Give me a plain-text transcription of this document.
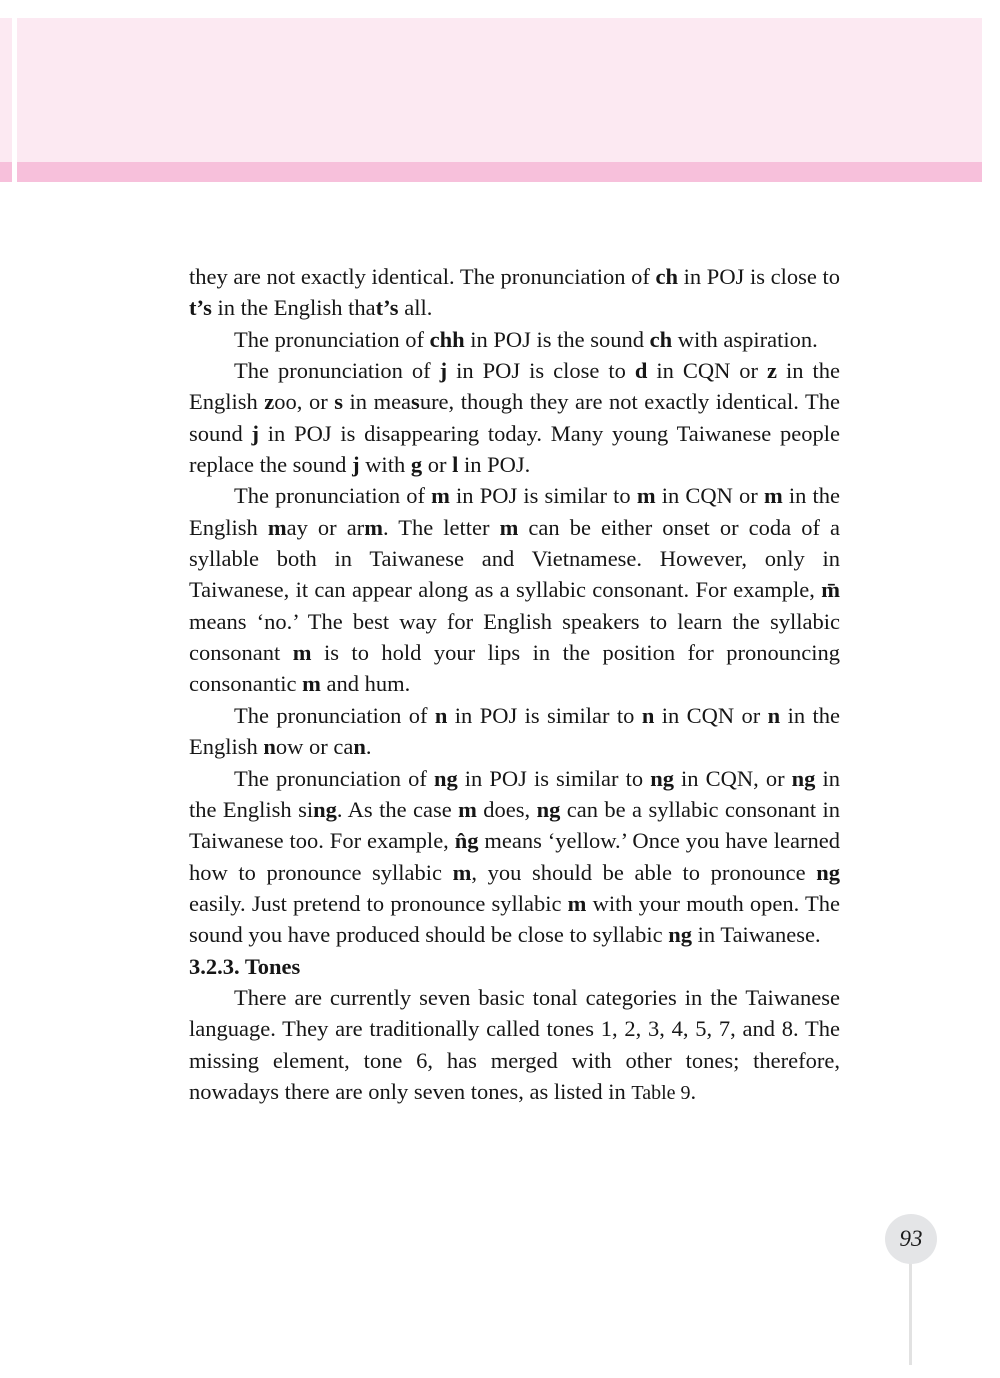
they are not exactly identical. The pronunciation of ch in POJ is close to t’s in the English that’s all.
The pronunciation of chh in POJ is the sound ch with aspiration.
The pronunciation of j in POJ is close to d in CQN or z in the English zoo, or s in measure, though they are not exactly identical. The sound j in POJ is disappearing today. Many young Taiwanese people replace the sound j with g or l in POJ.
The pronunciation of m in POJ is similar to m in CQN or m in the English may or arm. The letter m can be either onset or coda of a syllable both in Taiwanese and Vietnamese. However, only in Taiwanese, it can appear along as a syllabic consonant. For example, m̄ means ‘no.’ The best way for English speakers to learn the syllabic consonant m is to hold your lips in the position for pronouncing consonantic m and hum.
The pronunciation of n in POJ is similar to n in CQN or n in the English now or can.
The pronunciation of ng in POJ is similar to ng in CQN, or ng in the English sing. As the case m does, ng can be a syllabic consonant in Taiwanese too. For example, n̂g means ‘yellow.’ Once you have learned how to pronounce syllabic m, you should be able to pronounce ng easily. Just pretend to pronounce syllabic m with your mouth open. The sound you have produced should be close to syllabic ng in Taiwanese.
3.2.3. Tones
There are currently seven basic tonal categories in the Taiwanese language. They are traditionally called tones 1, 2, 3, 4, 5, 7, and 8. The missing element, tone 6, has merged with other tones; therefore, nowadays there are only seven tones, as listed in Table 9.
93
